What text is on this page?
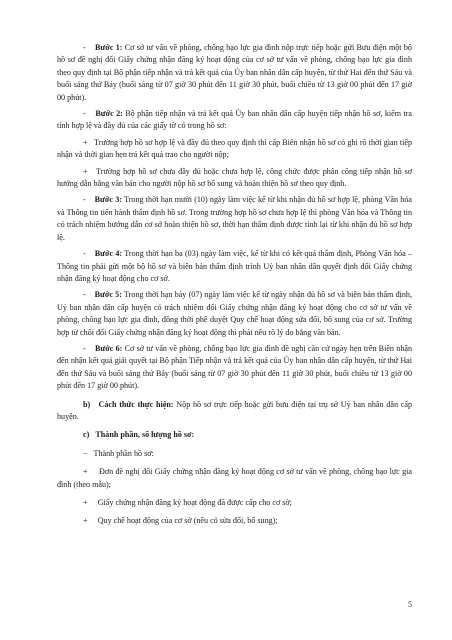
- Bước 1: Cơ sở tư vấn về phòng, chống bạo lực gia đình nộp trực tiếp hoặc gửi Bưu điện một bộ hồ sơ đề nghị đổi Giấy chứng nhận đăng ký hoạt động của cơ sở tư vấn về phòng, chống bạo lực gia đình theo quy định tại Bộ phận tiếp nhận và trả kết quả của Ủy ban nhân dân cấp huyện, từ thứ Hai đến thứ Sáu và buổi sáng thứ Bảy (buổi sáng từ 07 giờ 30 phút đến 11 giờ 30 phút, buổi chiều từ 13 giờ 00 phút đến 17 giờ 00 phút).

- Bước 2: Bộ phận tiếp nhận và trả kết quả Ủy ban nhân dân cấp huyện tiếp nhận hồ sơ, kiểm tra tính hợp lệ và đầy đủ của các giấy tờ có trong hồ sơ:

+   Trường hợp hồ sơ hợp lệ và đầy đủ theo quy định thì cấp Biên nhận hồ sơ có ghi rõ thời gian tiếp nhận và thời gian hẹn trả kết quả trao cho người nộp;

+   Trường hợp hồ sơ chưa đầy đủ hoặc chưa hợp lệ, công chức được phân công tiếp nhận hồ sơ hướng dẫn bằng văn bản cho người nộp hồ sơ bổ sung và hoàn thiện hồ sơ theo quy định.

- Bước 3: Trong thời hạn mười (10) ngày làm việc kể từ khi nhận đủ hồ sơ hợp lệ, phòng Văn hóa và Thông tin tiến hành thẩm định hồ sơ. Trong trường hợp hồ sơ chưa hợp lệ thì phòng Văn hóa và Thông tin có trách nhiệm hướng dẫn cơ sở hoàn thiện hồ sơ, thời hạn thẩm định được tính lại từ khi nhận đủ hồ sơ hợp lệ.

- Bước 4: Trong thời hạn ba (03) ngày làm việc, kể từ khi có kết quả thẩm định, Phòng Văn hóa – Thông tin phải gửi một bộ hồ sơ và biên bản thẩm định trình Uỷ ban nhân dân quyết định đổi Giấy chứng nhận đăng ký hoạt động cho cơ sở.

- Bước 5: Trong thời hạn bảy (07) ngày làm việc kể từ ngày nhận đủ hồ sơ và biên bản thẩm định, Uỷ ban nhân dân cấp huyện có trách nhiệm đổi Giấy chứng nhận đăng ký hoạt động cho cơ sở tư vấn về phòng, chống bạo lực gia đình, đồng thời phê duyệt Quy chế hoạt động sửa đổi, bổ sung của cơ sở. Trường hợp từ chối đổi Giấy chứng nhận đăng ký hoạt động thì phải nêu rõ lý do bằng văn bản.

- Bước 6: Cơ sở tư vấn về phòng, chống bạo lực gia đình đề nghị căn cứ ngày hẹn trên Biên nhận đến nhận kết quả giải quyết tại Bộ phận Tiếp nhận và trả kết quả của Ủy ban nhân dân cấp huyện, từ thứ Hai đến thứ Sáu và buổi sáng thứ Bảy (buổi sáng từ 07 giờ 30 phút đến 11 giờ 30 phút, buổi chiều từ 13 giờ 00 phút đến 17 giờ 00 phút).

b) Cách thức thực hiện: Nộp hồ sơ trực tiếp hoặc gửi bưu điện tại trụ sở Uỷ ban nhân dân cấp huyện.

c) Thành phần, số lượng hồ sơ:

−   Thành phần hồ sơ:

+     Đơn đề nghị đổi Giấy chứng nhận đăng ký hoạt động cơ sở tư vấn về phòng, chống bạo lực gia đình (theo mẫu);

+     Giấy chứng nhận đăng ký hoạt động đã được cấp cho cơ sở;

+     Quy chế hoạt động của cơ sở (nếu có sửa đổi, bổ sung);

5
